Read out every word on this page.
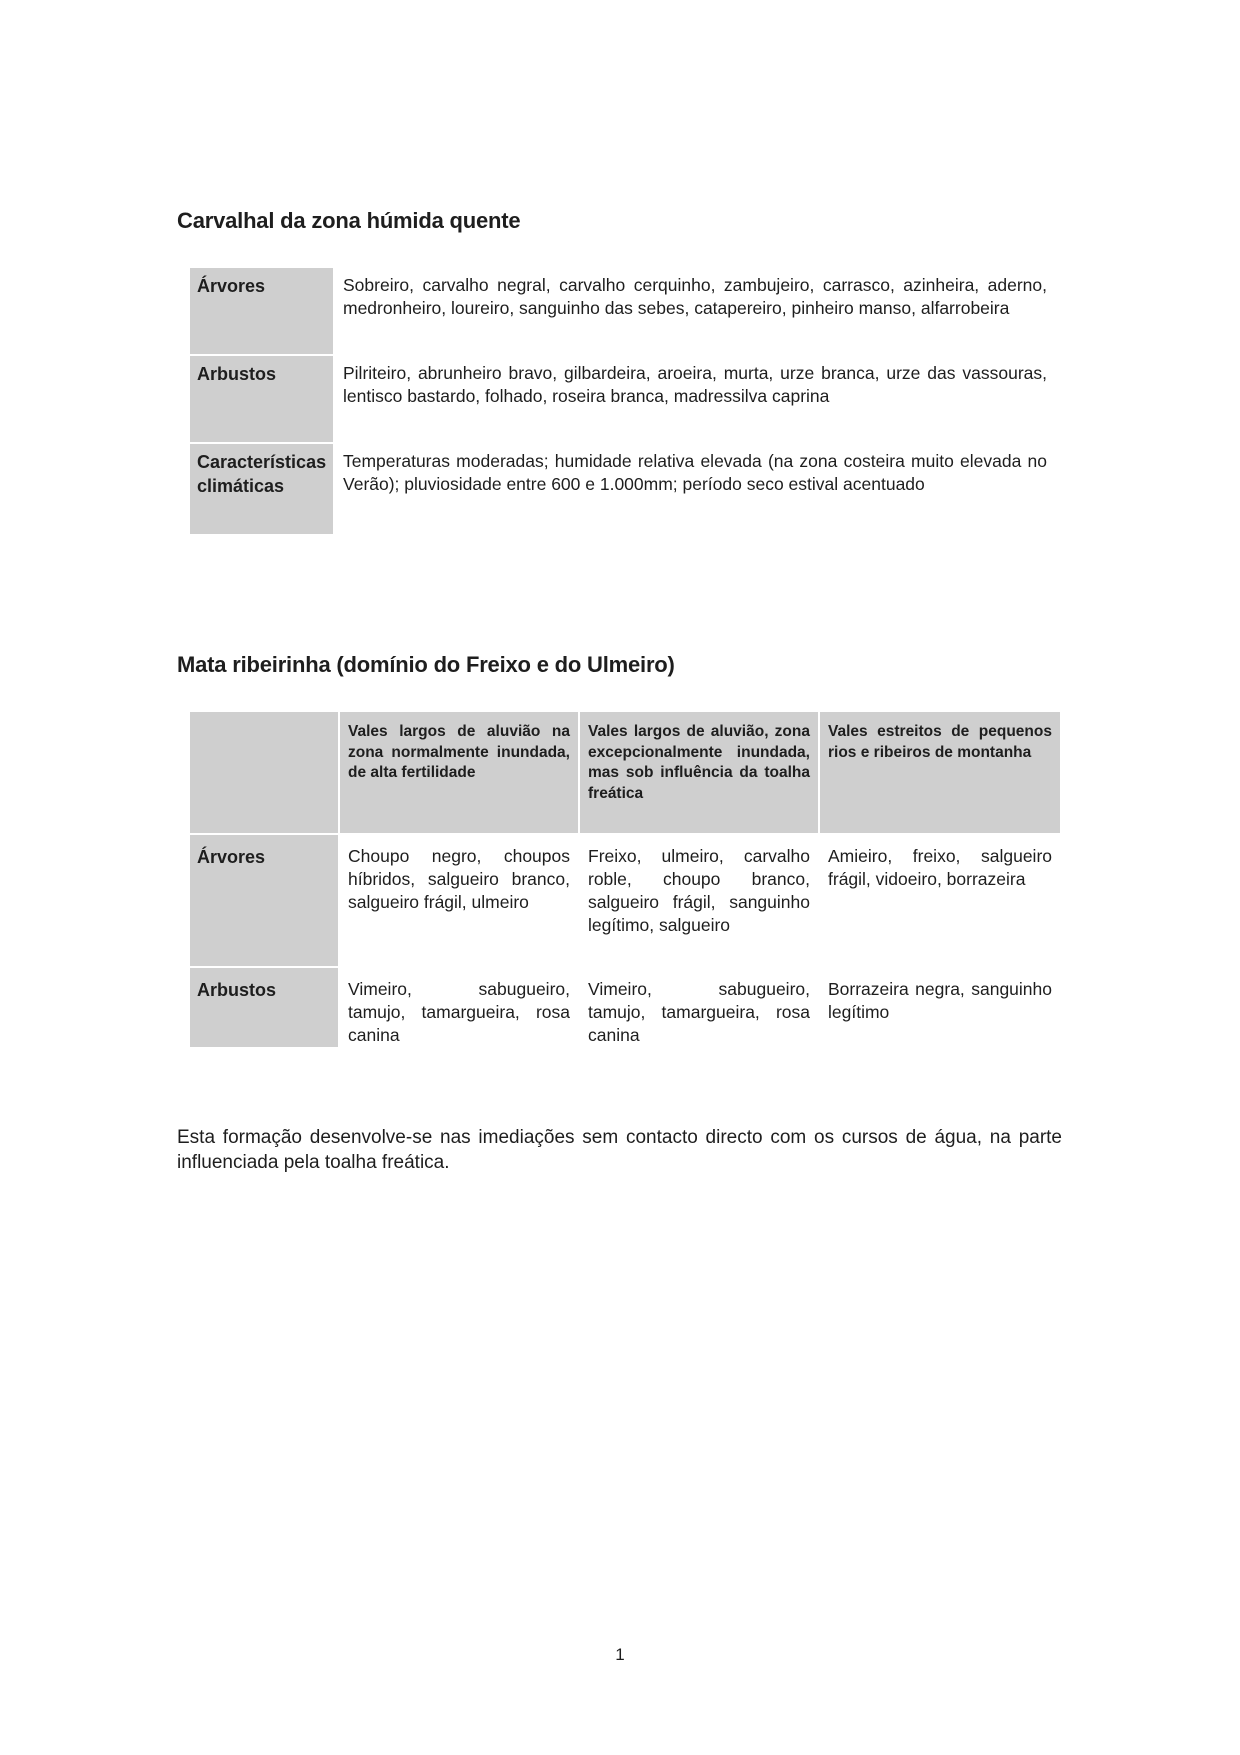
Carvalhal da zona húmida quente
Árvores	Sobreiro, carvalho negral, carvalho cerquinho, zambujeiro, carrasco, azinheira, aderno, medronheiro, loureiro, sanguinho das sebes, catapereiro, pinheiro manso, alfarrobeira
Arbustos	Pilriteiro, abrunheiro bravo, gilbardeira, aroeira, murta, urze branca, urze das vassouras, lentisco bastardo, folhado, roseira branca, madressilva caprina
Características climáticas	Temperaturas moderadas; humidade relativa elevada (na zona costeira muito elevada no Verão); pluviosidade entre 600 e 1.000mm; período seco estival acentuado
Mata ribeirinha (domínio do Freixo e do Ulmeiro)
	Vales largos de aluvião na zona normalmente inundada, de alta fertilidade	Vales largos de aluvião, zona excepcionalmente inundada, mas sob influência da toalha freática	Vales estreitos de pequenos rios e ribeiros de montanha
Árvores	Choupo negro, choupos híbridos, salgueiro branco, salgueiro frágil, ulmeiro	Freixo, ulmeiro, carvalho roble, choupo branco, salgueiro frágil, sanguinho legítimo, salgueiro	Amieiro, freixo, salgueiro frágil, vidoeiro, borrazeira
Arbustos	Vimeiro, sabugueiro, tamujo, tamargueira, rosa canina	Vimeiro, sabugueiro, tamujo, tamargueira, rosa canina	Borrazeira negra, sanguinho legítimo

Esta formação desenvolve-se nas imediações sem contacto directo com os cursos de água, na parte influenciada pela toalha freática.

1
